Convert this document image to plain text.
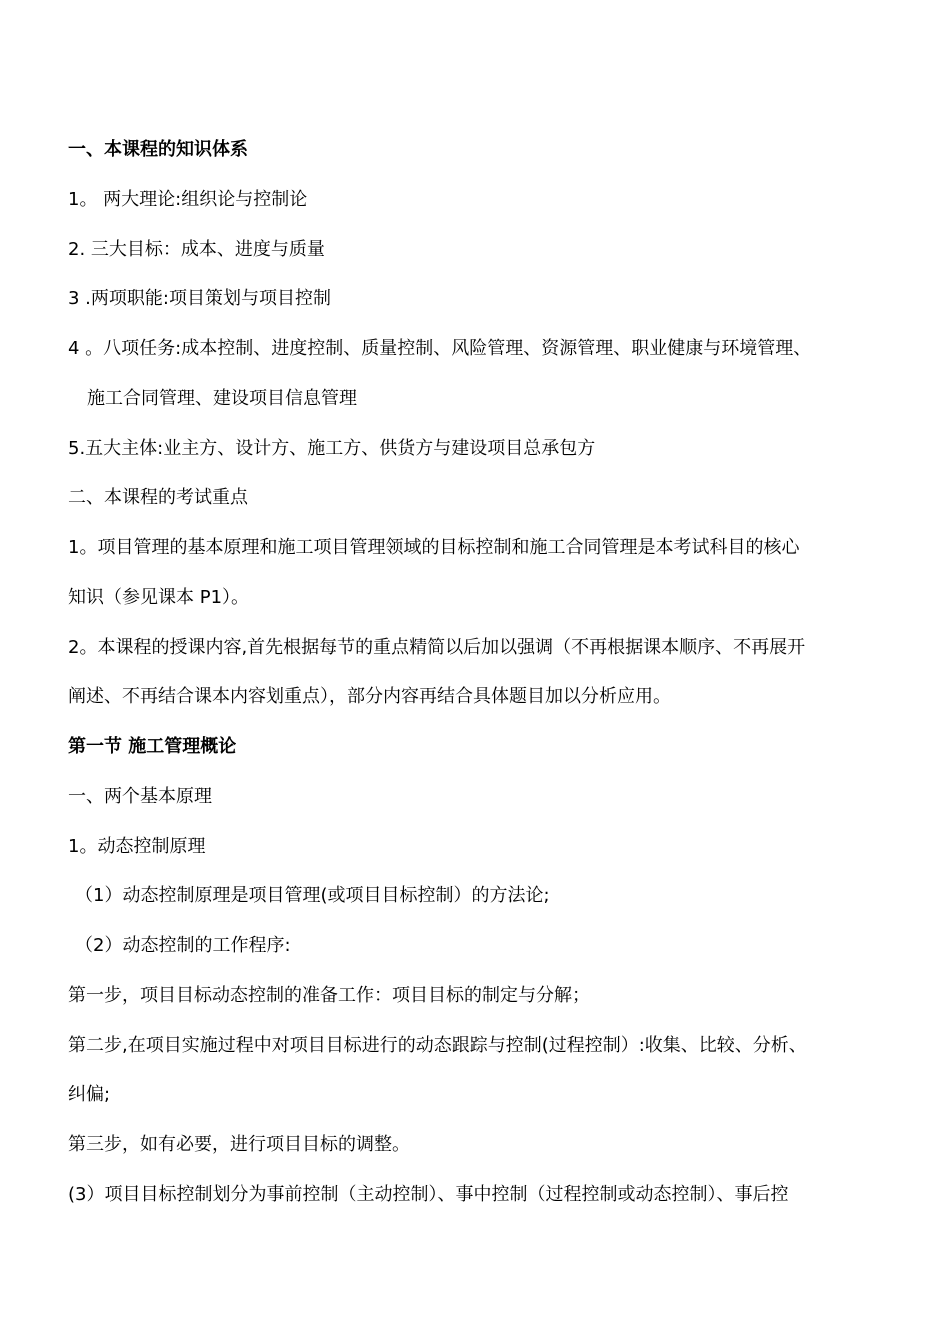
一、本课程的知识体系
1。 两大理论:组织论与控制论
2. 三大目标：成本、进度与质量
3 .两项职能:项目策划与项目控制
4 。八项任务:成本控制、进度控制、质量控制、风险管理、资源管理、职业健康与环境管理、
施工合同管理、建设项目信息管理
5.五大主体:业主方、设计方、施工方、供货方与建设项目总承包方
二、本课程的考试重点
1。项目管理的基本原理和施工项目管理领域的目标控制和施工合同管理是本考试科目的核心
知识（参见课本 P1）。
2。本课程的授课内容,首先根据每节的重点精简以后加以强调（不再根据课本顺序、不再展开
阐述、不再结合课本内容划重点），部分内容再结合具体题目加以分析应用。
第一节 施工管理概论
一、两个基本原理
1。动态控制原理
（1）动态控制原理是项目管理(或项目目标控制）的方法论;
（2）动态控制的工作程序:
第一步，项目目标动态控制的准备工作：项目目标的制定与分解；
第二步,在项目实施过程中对项目目标进行的动态跟踪与控制(过程控制）:收集、比较、分析、
纠偏;
第三步，如有必要，进行项目目标的调整。
(3）项目目标控制划分为事前控制（主动控制）、事中控制（过程控制或动态控制）、事后控
